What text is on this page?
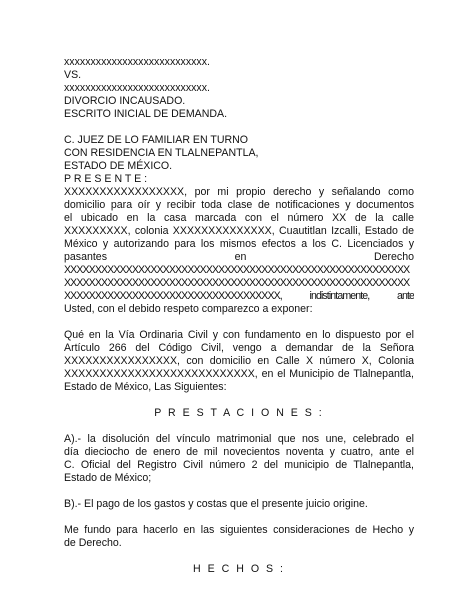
xxxxxxxxxxxxxxxxxxxxxxxxxxx.

VS.

xxxxxxxxxxxxxxxxxxxxxxxxxxx.

DIVORCIO INCAUSADO.

ESCRITO INICIAL DE DEMANDA.

C. JUEZ DE LO FAMILIAR EN TURNO

CON RESIDENCIA EN TLALNEPANTLA,

ESTADO DE MÉXICO.

P R E S E N T E :

XXXXXXXXXXXXXXXXX, por mi propio derecho y señalando como

domicilio para oír y recibir toda clase de notificaciones y documentos

el ubicado en la casa marcada con el número XX de la calle

XXXXXXXXX, colonia XXXXXXXXXXXXXX, Cuautitlan Izcalli, Estado de

México y autorizando para los mismos efectos a los C. Licenciados y

pasantes	en	Derecho

XXXXXXXXXXXXXXXXXXXXXXXXXXXXXXXXXXXXXXXXXXXXXXXXXXXXXXXX

XXXXXXXXXXXXXXXXXXXXXXXXXXXXXXXXXXXXXXXXXXXXXXXXXXXXXXXX

XXXXXXXXXXXXXXXXXXXXXXXXXXXXXXXXXXX, indistintamente, ante

Usted, con el debido respeto comparezco a exponer:

Qué en la Vía Ordinaria Civil y con fundamento en lo dispuesto por el

Artículo 266 del Código Civil, vengo a demandar de la Señora

XXXXXXXXXXXXXXXX, con domicilio en Calle X número X, Colonia

XXXXXXXXXXXXXXXXXXXXXXXXXXX, en el Municipio de Tlalnepantla,

Estado de México, Las Siguientes:

P R E S T A C I O N E S :

A).- la disolución del vínculo matrimonial que nos une, celebrado el

día dieciocho de enero de mil novecientos noventa y cuatro, ante el

C. Oficial del Registro Civil número 2 del municipio de Tlalnepantla,

Estado de México;

B).- El pago de los gastos y costas que el presente juicio origine.

Me fundo para hacerlo en las siguientes consideraciones de Hecho y

de Derecho.

H E C H O S :
